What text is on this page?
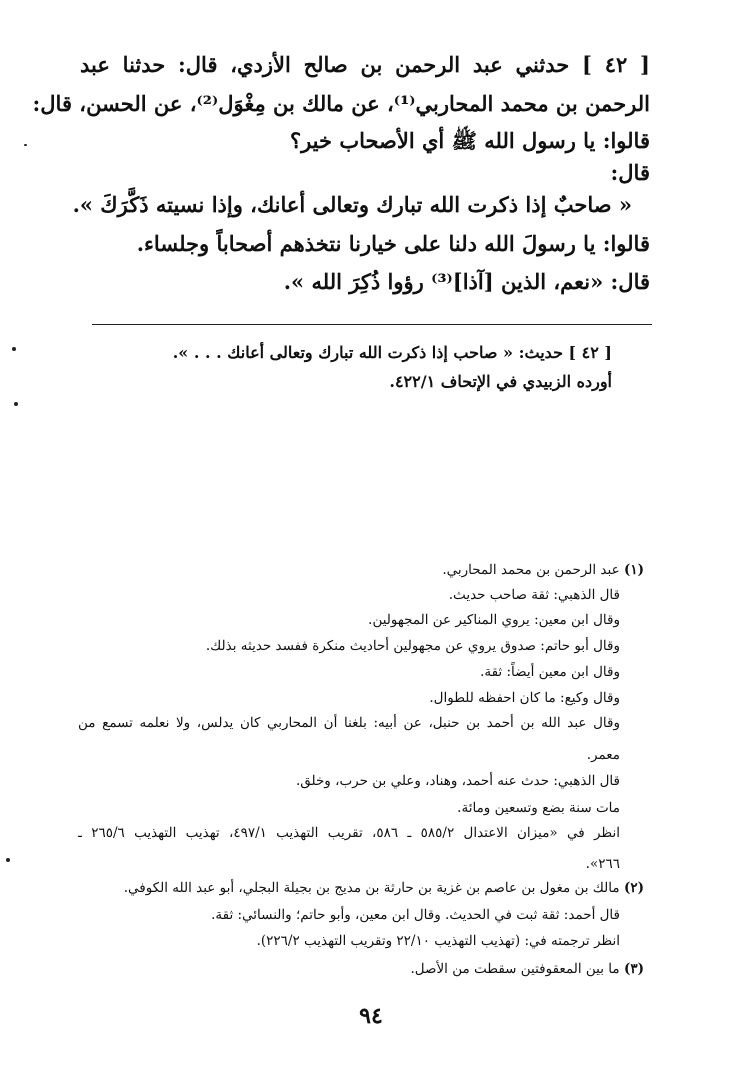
[ ٤٢ ] حدثني عبد الرحمن بن صالح الأزدي، قال: حدثنا عبد
الرحمن بن محمد المحاربي⁽¹⁾، عن مالك بن مِغْوَل⁽²⁾، عن الحسن، قال:
قالوا: يا رسول الله ﷺ أي الأصحاب خير؟
قال:
« صاحبٌ إذا ذكرت الله تبارك وتعالى أعانك، وإذا نسيته ذَكَّرَكَ ».
قالوا: يا رسولَ الله دلنا على خيارنا نتخذهم أصحاباً وجلساء.
قال: «نعم، الذين [آذا]⁽³⁾ رؤوا ذُكِرَ الله ».
[ ٤٢ ] حديث: « صاحب إذا ذكرت الله تبارك وتعالى أعانك . . . ».
أورده الزبيدي في الإتحاف ٤٢٢/١.
(١) عبد الرحمن بن محمد المحاربي.
قال الذهبي: ثقة صاحب حديث.
وقال ابن معين: يروي المناكير عن المجهولين.
وقال أبو حاتم: صدوق يروي عن مجهولين أحاديث منكرة ففسد حديثه بذلك.
وقال ابن معين أيضاً: ثقة.
وقال وكيع: ما كان احفظه للطوال.
وقال عبد الله بن أحمد بن حنبل، عن أبيه: بلغنا أن المحاربي كان يدلس، ولا نعلمه تسمع من
معمر.
قال الذهبي: حدث عنه أحمد، وهناد، وعلي بن حرب، وخلق.
مات سنة بضع وتسعين ومائة.
انظر في «ميزان الاعتدال ٥٨٥/٢ ـ ٥٨٦، تقريب التهذيب ٤٩٧/١، تهذيب التهذيب ٢٦٥/٦ ـ
٢٦٦».
(٢) مالك بن مغول بن عاصم بن غزية بن حارثة بن مديج بن بجيلة البجلي، أبو عبد الله الكوفي.
قال أحمد: ثقة ثبت في الحديث. وقال ابن معين، وأبو حاتم؛ والنسائي: ثقة.
انظر ترجمته في: (تهذيب التهذيب ٢٢/١٠ وتقريب التهذيب ٢٢٦/٢).
(٣) ما بين المعقوفتين سقطت من الأصل.
٩٤
